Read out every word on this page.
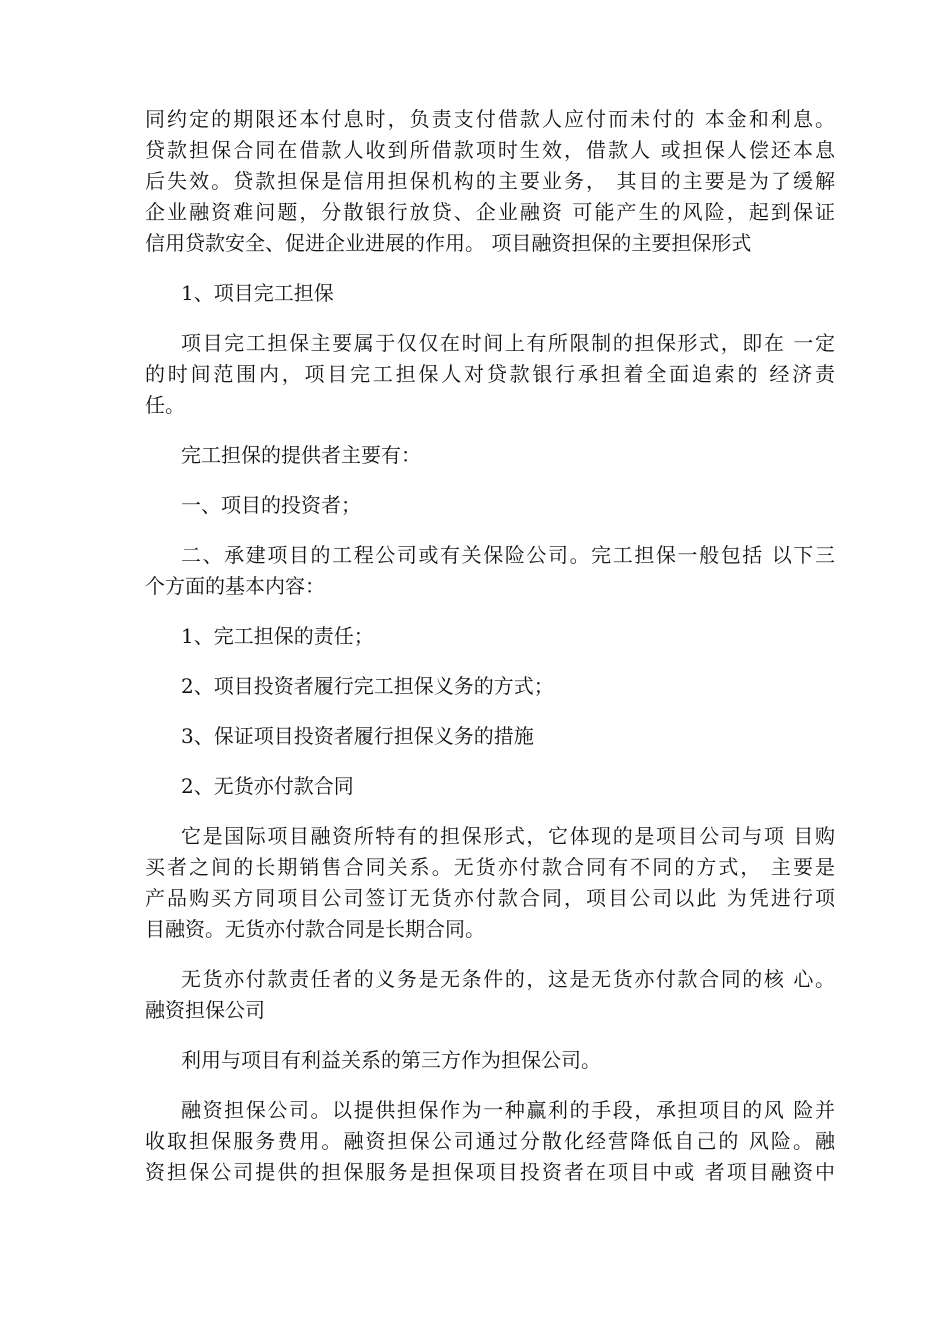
同约定的期限还本付息时，负责支付借款人应付而未付的 本金和利息。
贷款担保合同在借款人收到所借款项时生效，借款人 或担保人偿还本息
后失效。贷款担保是信用担保机构的主要业务， 其目的主要是为了缓解
企业融资难问题，分散银行放贷、企业融资 可能产生的风险，起到保证
信用贷款安全、促进企业进展的作用。 项目融资担保的主要担保形式

1、项目完工担保

项目完工担保主要属于仅仅在时间上有所限制的担保形式，即在 一定
的时间范围内，项目完工担保人对贷款银行承担着全面追索的 经济责
任。

完工担保的提供者主要有：

一、项目的投资者；

二、承建项目的工程公司或有关保险公司。完工担保一般包括 以下三
个方面的基本内容：

1、完工担保的责任；

2、项目投资者履行完工担保义务的方式；

3、保证项目投资者履行担保义务的措施

2、无货亦付款合同

它是国际项目融资所特有的担保形式，它体现的是项目公司与项 目购
买者之间的长期销售合同关系。无货亦付款合同有不同的方式， 主要是
产品购买方同项目公司签订无货亦付款合同，项目公司以此 为凭进行项
目融资。无货亦付款合同是长期合同。

无货亦付款责任者的义务是无条件的，这是无货亦付款合同的核 心。
融资担保公司

利用与项目有利益关系的第三方作为担保公司。

融资担保公司。以提供担保作为一种赢利的手段，承担项目的风 险并
收取担保服务费用。融资担保公司通过分散化经营降低自己的 风险。融
资担保公司提供的担保服务是担保项目投资者在项目中或 者项目融资中
